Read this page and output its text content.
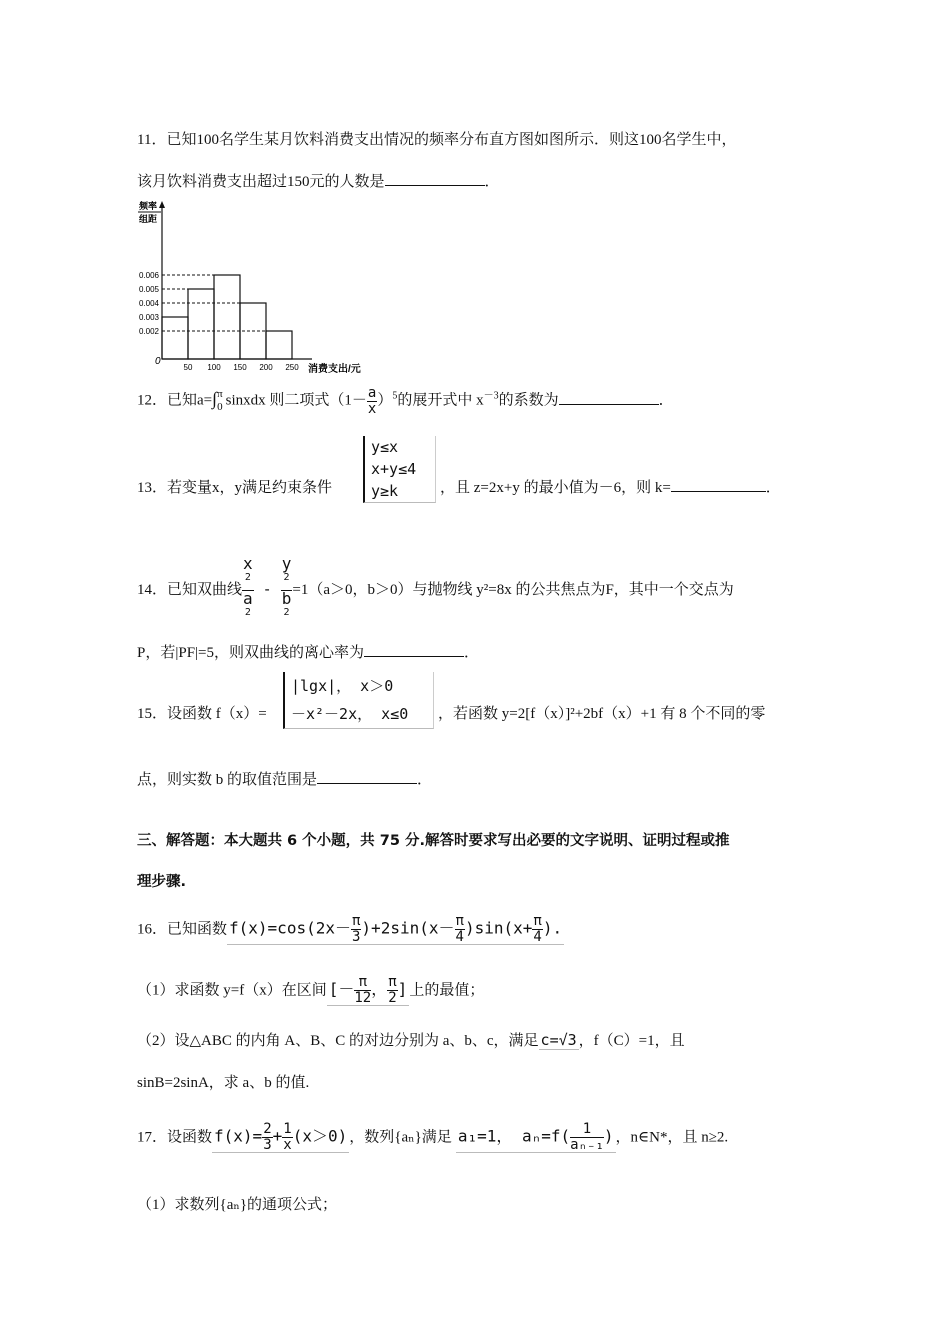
11．已知100名学生某月饮料消费支出情况的频率分布直方图如图所示．则这100名学生中，
该月饮料消费支出超过150元的人数是	．
频率
组距
消费支出/元
0
0.002
0.003
0.004
0.005
0.006
50 100 150 200 250
12．已知a=∫ π
0 sinxdx 则二项式$(1- \frac{a}{x} )^5$的展开式中 $x^{-3}$的系数为	．
13．若变量x，y满足约束条件
y≤x
x+y≤4
y≥k	，且 z=2x+y 的最小值为－6，则 k=	．
14．已知双曲线 x
$^2$
a
$^2$ - y
$^2$
b
$^2$ =1（a＞0，b＞0）与抛物线 y²=8x 的公共焦点为F，其中一个交点为
P，若|PF|=5，则双曲线的离心率为	．
15．设函数 f（x）=
|lgx|， x＞0
－x²－2x， x≤0	，若函数 y=2[f（x）]²+2bf（x）+1 有 8 个不同的零
点，则实数 b 的取值范围是	．
三、解答题：本大题共 6 个小题，共 75 分.解答时要求写出必要的文字说明、证明过程或推
理步骤.
16．已知函数 $f(x)=\cos(2x- \frac{\pi}{3} )+2\sin(x- \frac{\pi}{4} )\sin(x+ \frac{\pi}{4}$ ).
（1）求函数 y=f（x）在区间 [－ $\frac{\pi}{12}$ ， $\frac{\pi}{2}$ ] 上的最值；
（2）设△ABC 的内角 A、B、C 的对边分别为 a、b、c，满足 c=√3 ，f（C）=1，且
sinB=2sinA，求 a、b 的值.
17．设函数 $f(x)= \frac{2}{3} + \frac{1}{x} (x>0)$ ，数列{aₙ}满足 a₁=1， $a_n=f( \frac{1}{\text{aₙ₋₁}}$ ) ，n∈N*，且 n≥2.
（1）求数列{aₙ}的通项公式；
